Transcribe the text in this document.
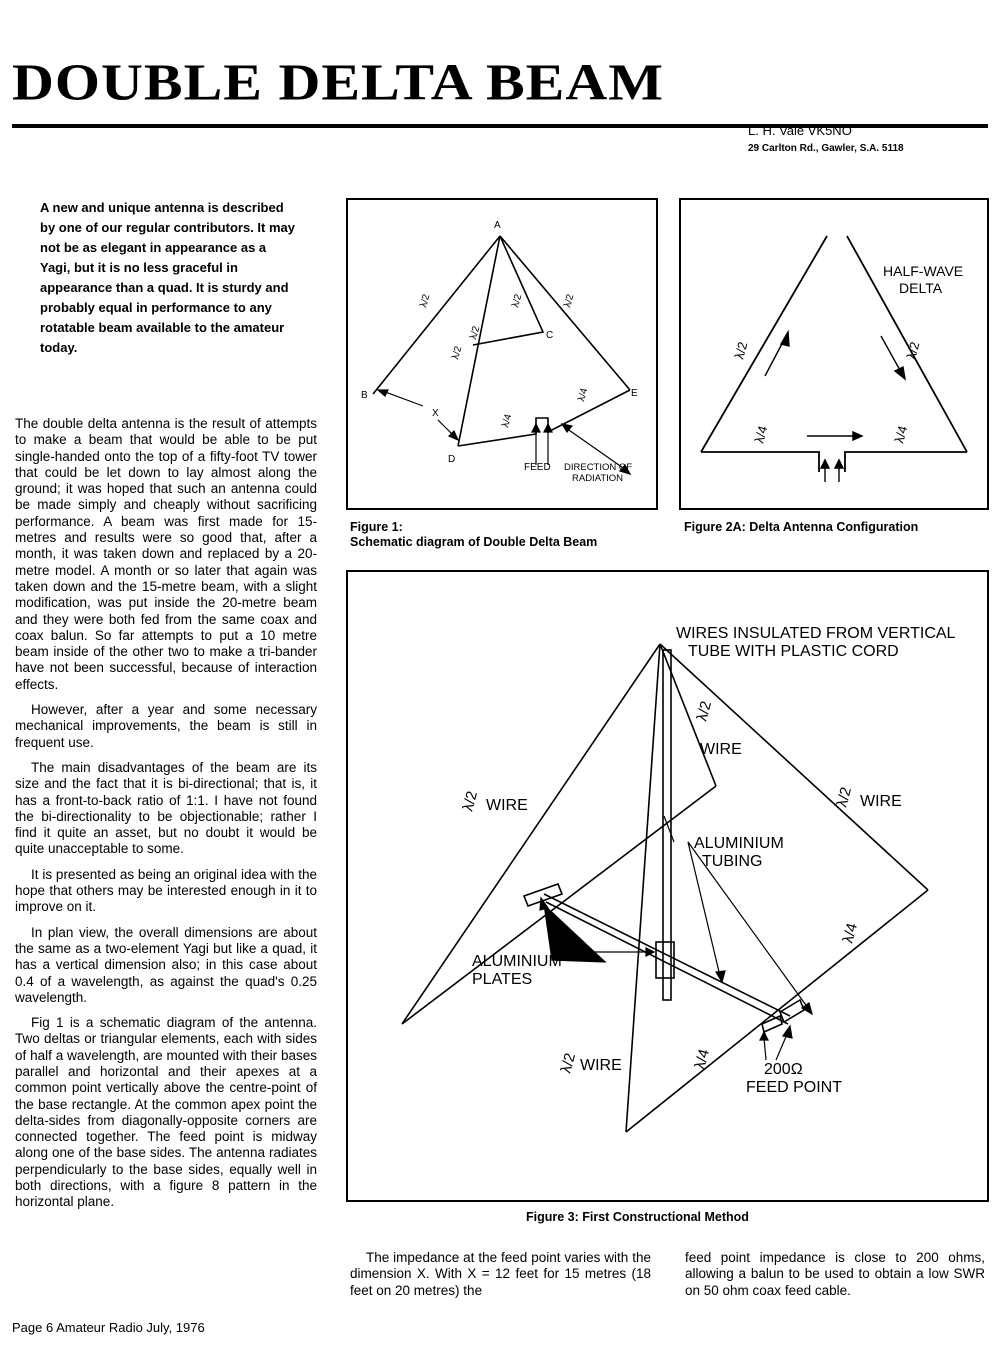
DOUBLE DELTA BEAM
L. H. Vale VK5NO
29 Carlton Rd., Gawler, S.A. 5118
A new and unique antenna is described by one of our regular contributors. It may not be as elegant in appearance as a Yagi, but it is no less graceful in appearance than a quad. It is sturdy and probably equal in performance to any rotatable beam available to the amateur today.

The double delta antenna is the result of attempts to make a beam that would be able to be put single-handed onto the top of a fifty-foot TV tower that could be let down to lay almost along the ground; it was hoped that such an antenna could be made simply and cheaply without sacrificing performance. A beam was first made for 15-metres and results were so good that, after a month, it was taken down and replaced by a 20-metre model. A month or so later that again was taken down and the 15-metre beam, with a slight modification, was put inside the 20-metre beam and they were both fed from the same coax and coax balun. So far attempts to put a 10 metre beam inside of the other two to make a tri-bander have not been successful, because of interaction effects.

However, after a year and some necessary mechanical improvements, the beam is still in frequent use.

The main disadvantages of the beam are its size and the fact that it is bi-directional; that is, it has a front-to-back ratio of 1:1. I have not found the bi-directionality to be objectionable; rather I find it quite an asset, but no doubt it would be quite unacceptable to some.

It is presented as being an original idea with the hope that others may be interested enough in it to improve on it.

In plan view, the overall dimensions are about the same as a two-element Yagi but like a quad, it has a vertical dimension also; in this case about 0.4 of a wavelength, as against the quad's 0.25 wavelength.

Fig 1 is a schematic diagram of the antenna. Two deltas or triangular elements, each with sides of half a wavelength, are mounted with their bases parallel and horizontal and their apexes at a common point vertically above the centre-point of the base rectangle. At the common apex point the delta-sides from diagonally-opposite corners are connected together. The feed point is midway along one of the base sides. The antenna radiates perpendicularly to the base sides, equally well in both directions, with a figure 8 pattern in the horizontal plane.

A
B
C
D
E
X
λ/2	λ/2	λ/2
λ/2
λ/2
λ/4
λ/4
FEED DIRECTION OF
RADIATION
Figure 1:
Schematic diagram of Double Delta Beam
HALF-WAVE
DELTA
λ/2	λ/2
λ/4	λ/4
Figure 2A: Delta Antenna Configuration
WIRES INSULATED FROM VERTICAL
TUBE WITH PLASTIC CORD
λ/2
WIRE
λ/2 WIRE	λ/2 WIRE
ALUMINIUM
TUBING
ALUMINIUM
PLATES
λ/4
λ/2 WIRE	λ/4	200Ω
FEED POINT
Figure 3: First Constructional Method

The impedance at the feed point varies with the dimension X. With X = 12 feet for 15 metres (18 feet on 20 metres) the

feed point impedance is close to 200 ohms, allowing a balun to be used to obtain a low SWR on 50 ohm coax feed cable.

Page 6 Amateur Radio July, 1976
